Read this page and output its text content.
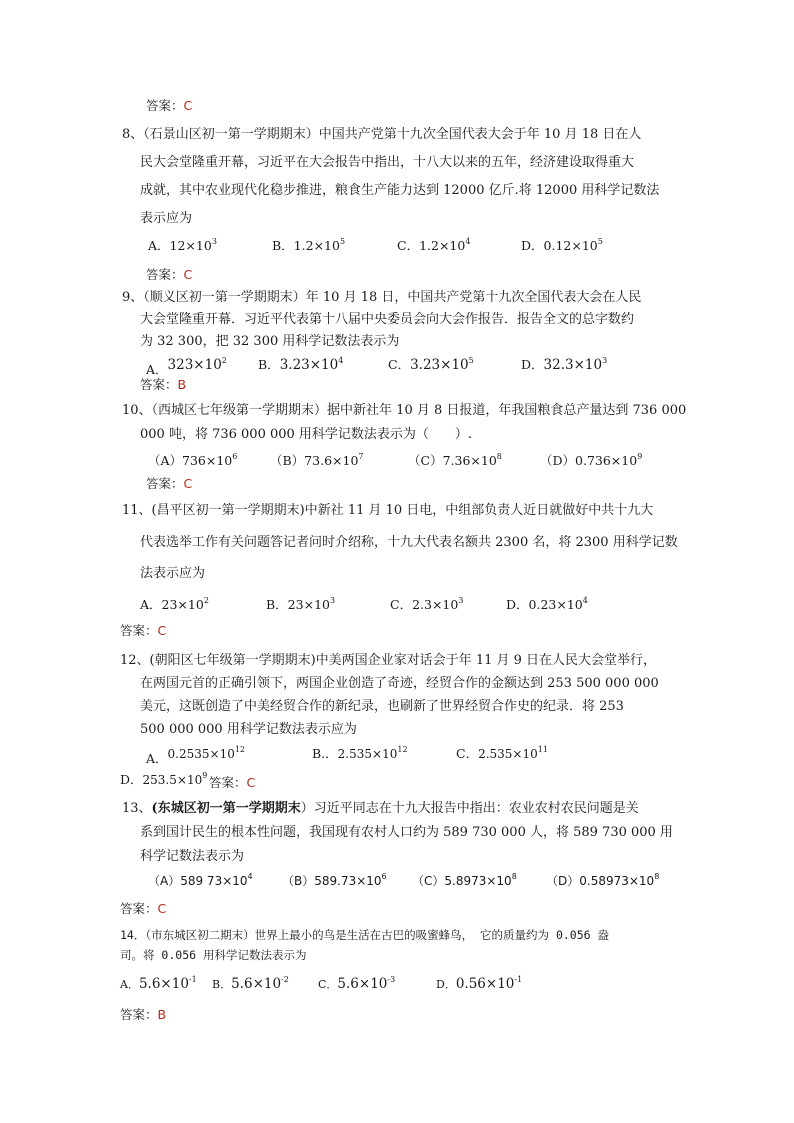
答案：C
8、（石景山区初一第一学期期末）中国共产党第十九次全国代表大会于年 10 月 18 日在人
民大会堂隆重开幕，习近平在大会报告中指出，十八大以来的五年，经济建设取得重大
成就，其中农业现代化稳步推进，粮食生产能力达到 12000 亿斤.将 12000 用科学记数法
表示应为
A．$12\times 10^3$	B．$1.2\times 10^5$	C．$1.2\times 10^4$	D．$0.12\times 10^5$
答案：C
9、（顺义区初一第一学期期末）年 10 月 18 日，中国共产党第十九次全国代表大会在人民
大会堂隆重开幕．习近平代表第十八届中央委员会向大会作报告．报告全文的总字数约
为 32 300，把 32 300 用科学记数法表示为
A．$323\times 10^2$ B．$3.23\times 10^4$	C．$3.23\times 10^5$	D．$32.3\times 10^3$
答案：B
10、（西城区七年级第一学期期末）据中新社年 10 月 8 日报道，年我国粮食总产量达到 736 000
000 吨，将 736 000 000 用科学记数法表示为（　　）.
$(A)736\times 10^6$	$(B)73.6\times 10^7$	$(C)7.36\times 10^8$	$(D)0.736\times 10^9$
答案：C
11、(昌平区初一第一学期期末)中新社 11 月 10 日电，中组部负责人近日就做好中共十九大
代表选举工作有关问题答记者问时介绍称，十九大代表名额共 2300 名，将 2300 用科学记数
法表示应为
A．$23\times 10^2$	B．$23\times 10^3$	C．$2.3\times 10^3$	D．$0.23\times 10^4$
答案：C
12、(朝阳区七年级第一学期期末)中美两国企业家对话会于年 11 月 9 日在人民大会堂举行，
在两国元首的正确引领下，两国企业创造了奇迹，经贸合作的金额达到 253 500 000 000
美元，这既创造了中美经贸合作的新纪录，也刷新了世界经贸合作史的纪录．将 253
500 000 000 用科学记数法表示应为
A．$0.2535\times 10^{12}$	B.．$2.535\times 10^{12}$	C．$2.535\times 10^{11}$
D．$253.5\times 10^9$ 答案：C
13、(东城区初一第一学期期末）习近平同志在十九大报告中指出：农业农村农民问题是关
系到国计民生的根本性问题，我国现有农村人口约为 589 730 000 人，将 589 730 000 用
科学记数法表示为
（A）589 $73\times 10^4$ $(B)589.73\times 10^6$ $(C)5.8973\times 10^8$ $(D)0.58973\times 10^8$
答案：C
14．（市东城区初二期末）世界上最小的鸟是生活在古巴的吸蜜蜂鸟， 它的质量约为 0.056 盎
司。将 0.056 用科学记数法表示为
A．$5.6\times 10^{-1}$ B．$5.6\times 10^{-2}$	C．$5.6\times 10^{-3}$	D．$0.56\times 10^{-1}$
答案：B
